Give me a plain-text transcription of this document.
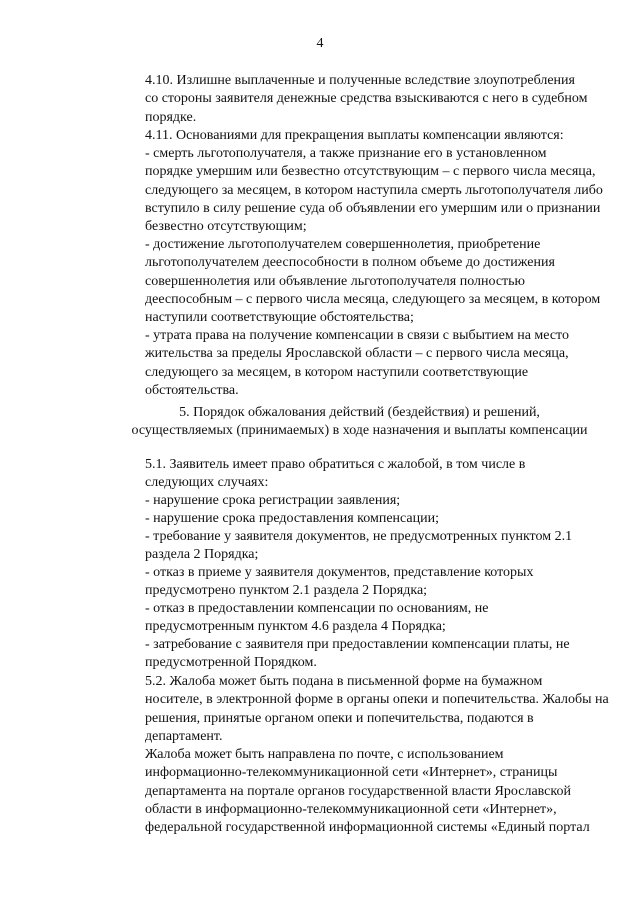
4
4.10. Излишне выплаченные и полученные вследствие злоупотребления
со стороны заявителя денежные средства взыскиваются с него в судебном
порядке.
4.11. Основаниями для прекращения выплаты компенсации являются:
- смерть льготополучателя, а также признание его в установленном
порядке умершим или безвестно отсутствующим – с первого числа месяца,
следующего за месяцем, в котором наступила смерть льготополучателя либо
вступило в силу решение суда об объявлении его умершим или о признании
безвестно отсутствующим;
- достижение льготополучателем совершеннолетия, приобретение
льготополучателем дееспособности в полном объеме до достижения
совершеннолетия или объявление льготополучателя полностью
дееспособным – с первого числа месяца, следующего за месяцем, в котором
наступили соответствующие обстоятельства;
- утрата права на получение компенсации в связи с выбытием на место
жительства за пределы Ярославской области – с первого числа месяца,
следующего за месяцем, в котором наступили соответствующие
обстоятельства.
5. Порядок обжалования действий (бездействия) и решений,
осуществляемых (принимаемых) в ходе назначения и выплаты компенсации
5.1. Заявитель имеет право обратиться с жалобой, в том числе в
следующих случаях:
- нарушение срока регистрации заявления;
- нарушение срока предоставления компенсации;
- требование у заявителя документов, не предусмотренных пунктом 2.1
раздела 2 Порядка;
- отказ в приеме у заявителя документов, представление которых
предусмотрено пунктом 2.1 раздела 2 Порядка;
- отказ в предоставлении компенсации по основаниям, не
предусмотренным пунктом 4.6 раздела 4 Порядка;
- затребование с заявителя при предоставлении компенсации платы, не
предусмотренной Порядком.
5.2. Жалоба может быть подана в письменной форме на бумажном
носителе, в электронной форме в органы опеки и попечительства. Жалобы на
решения, принятые органом опеки и попечительства, подаются в
департамент.
Жалоба может быть направлена по почте, с использованием
информационно-телекоммуникационной сети «Интернет», страницы
департамента на портале органов государственной власти Ярославской
области в информационно-телекоммуникационной сети «Интернет»,
федеральной государственной информационной системы «Единый портал
